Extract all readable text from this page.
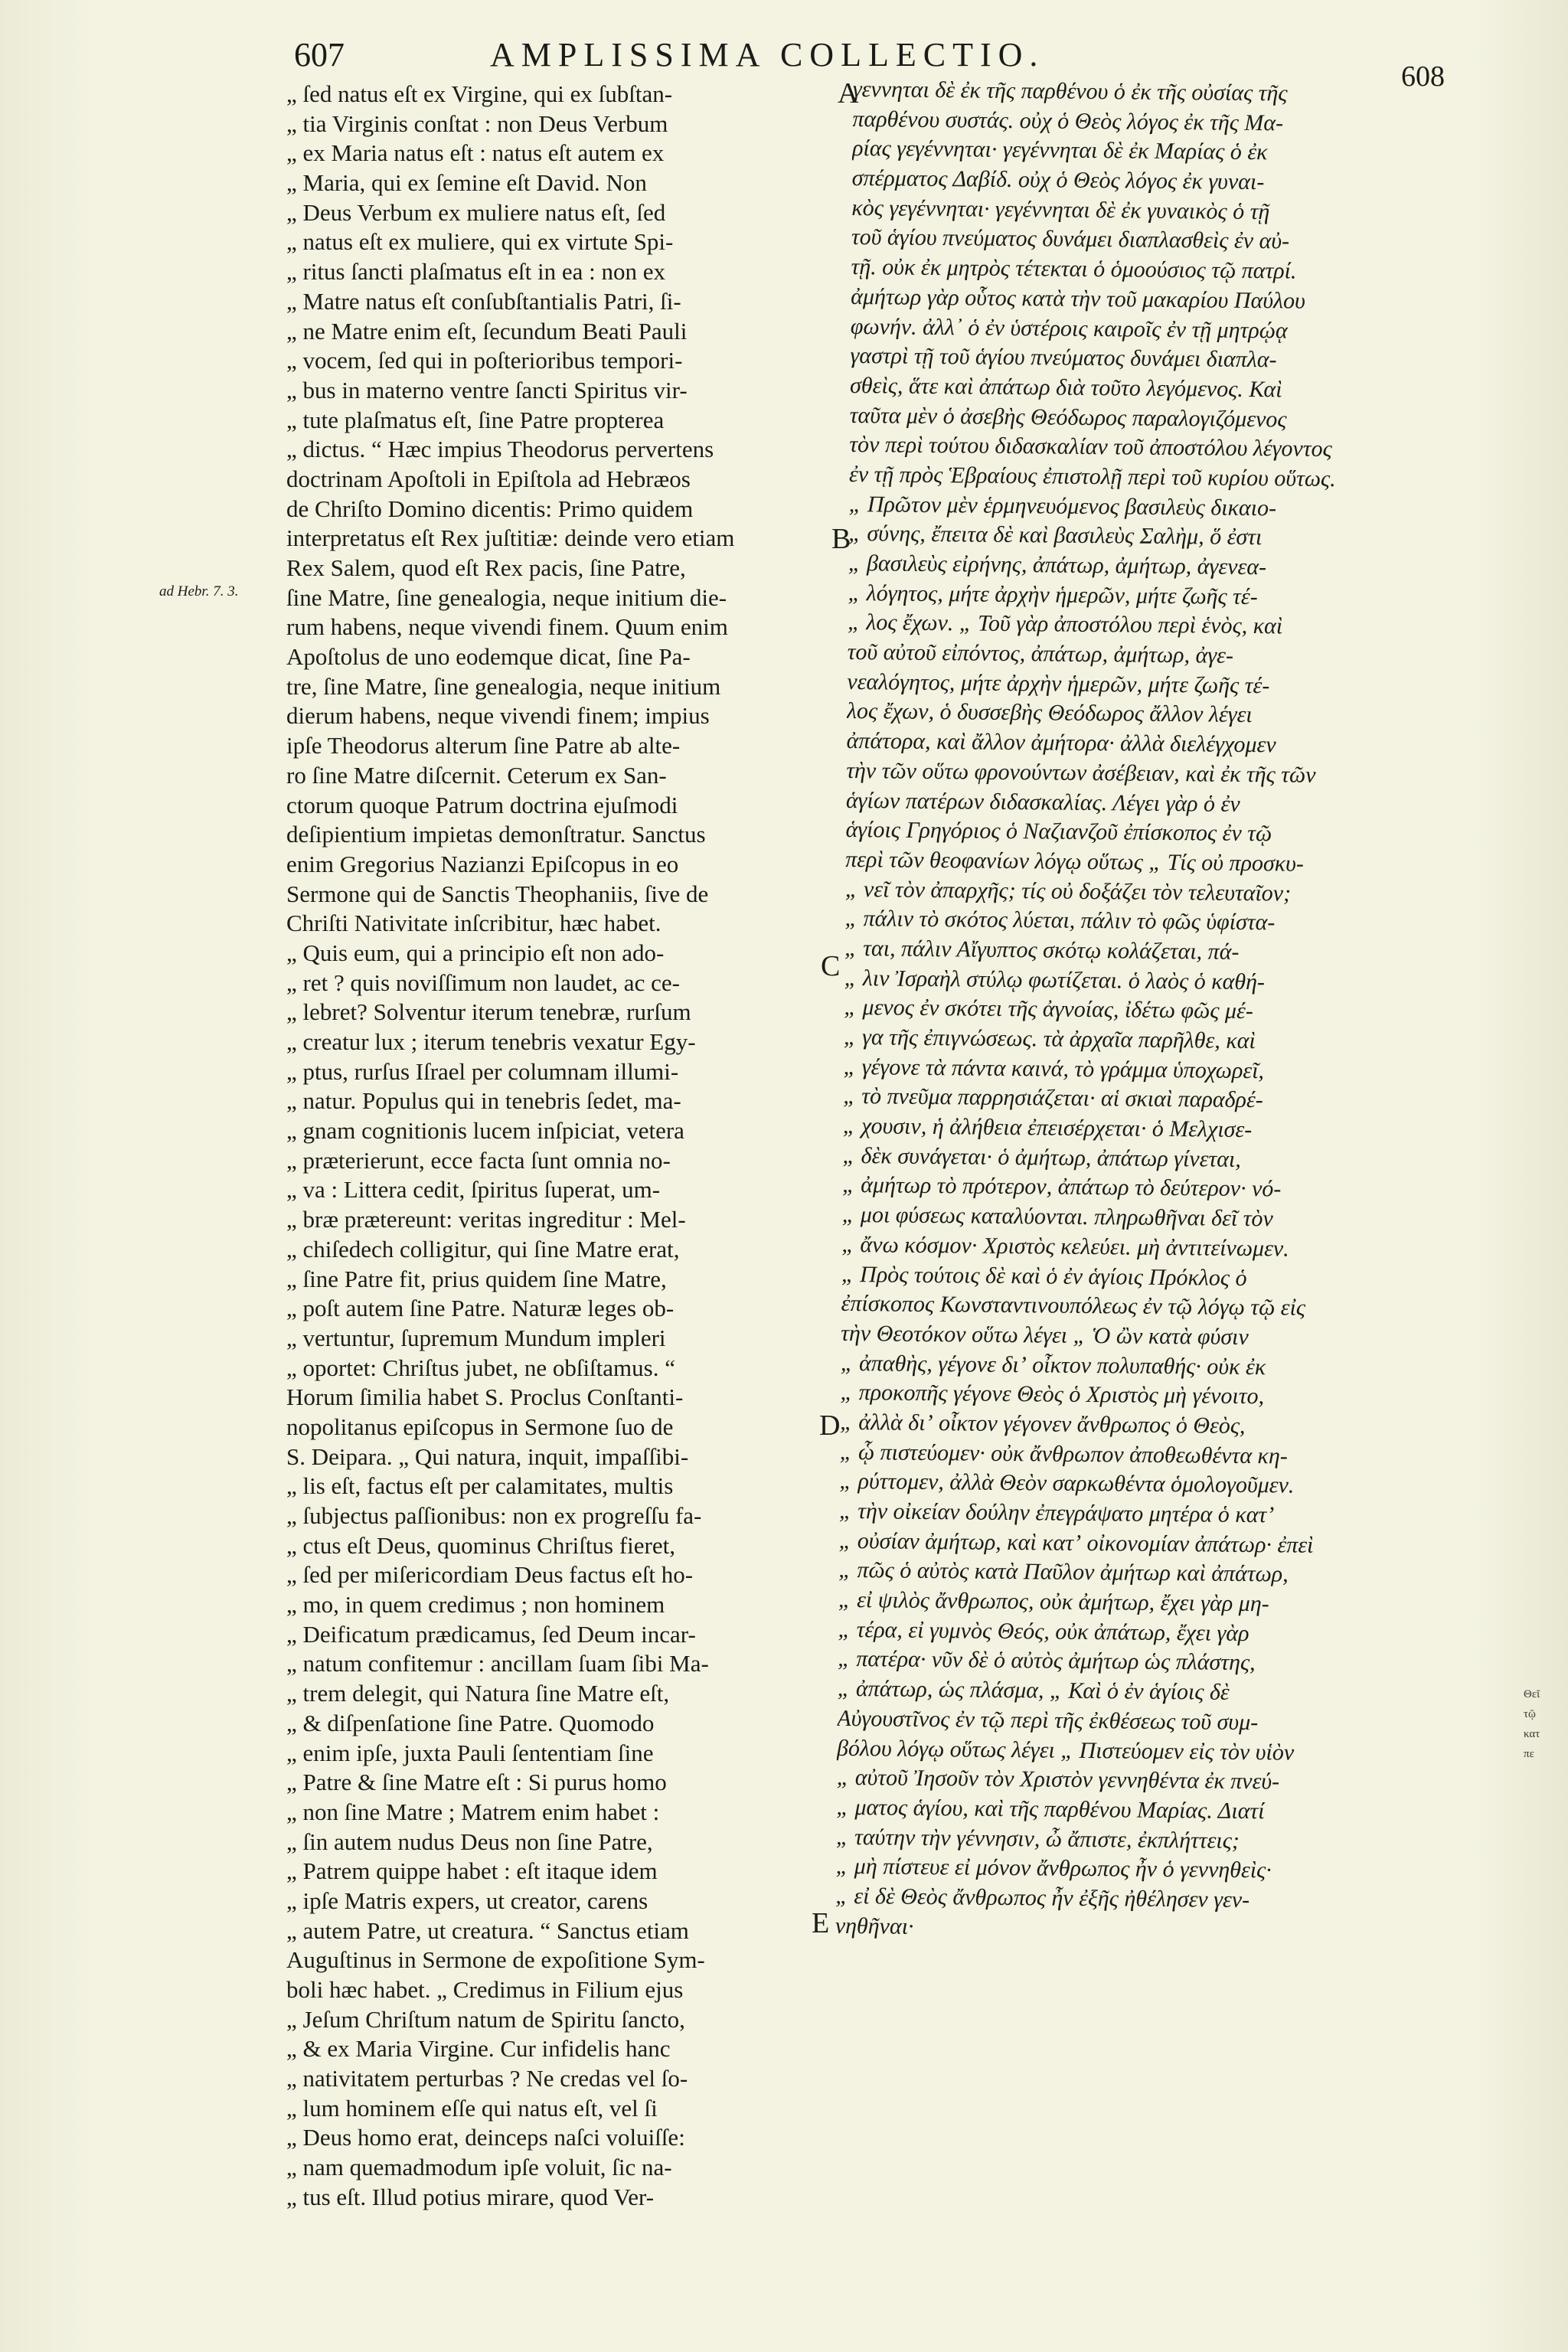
607	AMPLISSIMA COLLECTIO.
608
„ ſed natus eſt ex Virgine, qui ex ſubſtan-
„ tia Virginis conſtat : non Deus Verbum
„ ex Maria natus eſt : natus eſt autem ex
„ Maria, qui ex ſemine eſt David. Non
„ Deus Verbum ex muliere natus eſt, ſed
„ natus eſt ex muliere, qui ex virtute Spi-
„ ritus ſancti plaſmatus eſt in ea : non ex
„ Matre natus eſt conſubſtantialis Patri, ſi-
„ ne Matre enim eſt, ſecundum Beati Pauli
„ vocem, ſed qui in poſterioribus tempori-
„ bus in materno ventre ſancti Spiritus vir-
„ tute plaſmatus eſt, ſine Patre propterea
„ dictus. “ Hæc impius Theodorus pervertens
doctrinam Apoſtoli in Epiſtola ad Hebræos
de Chriſto Domino dicentis: Primo quidem
interpretatus eſt Rex juſtitiæ: deinde vero etiam
Rex Salem, quod eſt Rex pacis, ſine Patre,
ſine Matre, ſine genealogia, neque initium die-
rum habens, neque vivendi finem. Quum enim
Apoſtolus de uno eodemque dicat, ſine Pa-
tre, ſine Matre, ſine genealogia, neque initium
dierum habens, neque vivendi finem; impius
ipſe Theodorus alterum ſine Patre ab alte-
ro ſine Matre diſcernit. Ceterum ex San-
ctorum quoque Patrum doctrina ejuſmodi
deſipientium impietas demonſtratur. Sanctus
enim Gregorius Nazianzi Epiſcopus in eo
Sermone qui de Sanctis Theophaniis, ſive de
Chriſti Nativitate inſcribitur, hæc habet.
„ Quis eum, qui a principio eſt non ado-
„ ret ? quis noviſſimum non laudet, ac ce-
„ lebret? Solventur iterum tenebræ, rurſum
„ creatur lux ; iterum tenebris vexatur Egy-
„ ptus, rurſus Iſrael per columnam illumi-
„ natur. Populus qui in tenebris ſedet, ma-
„ gnam cognitionis lucem inſpiciat, vetera
„ præterierunt, ecce facta ſunt omnia no-
„ va : Littera cedit, ſpiritus ſuperat, um-
„ bræ prætereunt: veritas ingreditur : Mel-
„ chiſedech colligitur, qui ſine Matre erat,
„ ſine Patre fit, prius quidem ſine Matre,
„ poſt autem ſine Patre. Naturæ leges ob-
„ vertuntur, ſupremum Mundum impleri
„ oportet: Chriſtus jubet, ne obſiſtamus. “
Horum ſimilia habet S. Proclus Conſtanti-
nopolitanus epiſcopus in Sermone ſuo de
S. Deipara. „ Qui natura, inquit, impaſſibi-
„ lis eſt, factus eſt per calamitates, multis
„ ſubjectus paſſionibus: non ex progreſſu fa-
„ ctus eſt Deus, quominus Chriſtus fieret,
„ ſed per miſericordiam Deus factus eſt ho-
„ mo, in quem credimus ; non hominem
„ Deificatum prædicamus, ſed Deum incar-
„ natum confitemur : ancillam ſuam ſibi Ma-
„ trem delegit, qui Natura ſine Matre eſt,
„ & diſpenſatione ſine Patre. Quomodo
„ enim ipſe, juxta Pauli ſententiam ſine
„ Patre & ſine Matre eſt : Si purus homo
„ non ſine Matre ; Matrem enim habet :
„ ſin autem nudus Deus non ſine Patre,
„ Patrem quippe habet : eſt itaque idem
„ ipſe Matris expers, ut creator, carens
„ autem Patre, ut creatura. “ Sanctus etiam
Auguſtinus in Sermone de expoſitione Sym-
boli hæc habet. „ Credimus in Filium ejus
„ Jeſum Chriſtum natum de Spiritu ſancto,
„ & ex Maria Virgine. Cur infidelis hanc
„ nativitatem perturbas ? Ne credas vel ſo-
„ lum hominem eſſe qui natus eſt, vel ſi
„ Deus homo erat, deinceps naſci voluiſſe:
„ nam quemadmodum ipſe voluit, ſic na-
„ tus eſt. Illud potius mirare, quod Ver-
γεννηται δὲ ἐκ τῆς παρθένου ὁ ἐκ τῆς οὐσίας τῆς
παρθένου συστάς. οὐχ ὁ Θεὸς λόγος ἐκ τῆς Μα-
ρίας γεγέννηται· γεγέννηται δὲ ἐκ Μαρίας ὁ ἐκ
σπέρματος Δαβίδ. οὐχ ὁ Θεὸς λόγος ἐκ γυναι-
κὸς γεγέννηται· γεγέννηται δὲ ἐκ γυναικὸς ὁ τῇ
τοῦ ἁγίου πνεύματος δυνάμει διαπλασθεὶς ἐν αὐ-
τῇ. οὐκ ἐκ μητρὸς τέτεκται ὁ ὁμοούσιος τῷ πατρί.
ἀμήτωρ γὰρ οὗτος κατὰ τὴν τοῦ μακαρίου Παύλου
φωνήν. ἀλλ᾽ ὁ ἐν ὑστέροις καιροῖς ἐν τῇ μητρῴᾳ
γαστρὶ τῇ τοῦ ἁγίου πνεύματος δυνάμει διαπλα-
σθεὶς, ἅτε καὶ ἀπάτωρ διὰ τοῦτο λεγόμενος. Καὶ
ταῦτα μὲν ὁ ἀσεβὴς Θεόδωρος παραλογιζόμενος
τὸν περὶ τούτου διδασκαλίαν τοῦ ἀποστόλου λέγοντος
ἐν τῇ πρὸς Ἑβραίους ἐπιστολῇ περὶ τοῦ κυρίου οὕτως.
„ Πρῶτον μὲν ἑρμηνευόμενος βασιλεὺς δικαιο-
„ σύνης, ἔπειτα δὲ καὶ βασιλεὺς Σαλὴμ, ὅ ἐστι
„ βασιλεὺς εἰρήνης, ἀπάτωρ, ἀμήτωρ, ἀγενεα-
„ λόγητος, μήτε ἀρχὴν ἡμερῶν, μήτε ζωῆς τέ-
„ λος ἔχων. „ Τοῦ γὰρ ἀποστόλου περὶ ἑνὸς, καὶ
τοῦ αὐτοῦ εἰπόντος, ἀπάτωρ, ἀμήτωρ, ἀγε-
νεαλόγητος, μήτε ἀρχὴν ἡμερῶν, μήτε ζωῆς τέ-
λος ἔχων, ὁ δυσσεβὴς Θεόδωρος ἄλλον λέγει
ἀπάτορα, καὶ ἄλλον ἀμήτορα· ἀλλὰ διελέγχομεν
τὴν τῶν οὕτω φρονούντων ἀσέβειαν, καὶ ἐκ τῆς τῶν
ἁγίων πατέρων διδασκαλίας. Λέγει γὰρ ὁ ἐν
ἁγίοις Γρηγόριος ὁ Ναζιανζοῦ ἐπίσκοπος ἐν τῷ
περὶ τῶν θεοφανίων λόγῳ οὕτως „ Τίς οὐ προσκυ-
„ νεῖ τὸν ἀπαρχῆς; τίς οὐ δοξάζει τὸν τελευταῖον;
„ πάλιν τὸ σκότος λύεται, πάλιν τὸ φῶς ὑφίστα-
„ ται, πάλιν Αἴγυπτος σκότῳ κολάζεται, πά-
„ λιν Ἰσραὴλ στύλῳ φωτίζεται. ὁ λαὸς ὁ καθή-
„ μενος ἐν σκότει τῆς ἀγνοίας, ἰδέτω φῶς μέ-
„ γα τῆς ἐπιγνώσεως. τὰ ἀρχαῖα παρῆλθε, καὶ
„ γέγονε τὰ πάντα καινά, τὸ γράμμα ὑποχωρεῖ,
„ τὸ πνεῦμα παρρησιάζεται· αἱ σκιαὶ παραδρέ-
„ χουσιν, ἡ ἀλήθεια ἐπεισέρχεται· ὁ Μελχισε-
„ δὲκ συνάγεται· ὁ ἀμήτωρ, ἀπάτωρ γίνεται,
„ ἀμήτωρ τὸ πρότερον, ἀπάτωρ τὸ δεύτερον· νό-
„ μοι φύσεως καταλύονται. πληρωθῆναι δεῖ τὸν
„ ἄνω κόσμον· Χριστὸς κελεύει. μὴ ἀντιτείνωμεν.
„ Πρὸς τούτοις δὲ καὶ ὁ ἐν ἁγίοις Πρόκλος ὁ
ἐπίσκοπος Κωνσταντινουπόλεως ἐν τῷ λόγῳ τῷ εἰς
τὴν Θεοτόκον οὕτω λέγει „ Ὁ ὢν κατὰ φύσιν
„ ἀπαθὴς, γέγονε διʼ οἶκτον πολυπαθής· οὐκ ἐκ
„ προκοπῆς γέγονε Θεὸς ὁ Χριστὸς μὴ γένοιτο,
„ ἀλλὰ διʼ οἶκτον γέγονεν ἄνθρωπος ὁ Θεὸς,
„ ᾧ πιστεύομεν· οὐκ ἄνθρωπον ἀποθεωθέντα κη-
„ ρύττομεν, ἀλλὰ Θεὸν σαρκωθέντα ὁμολογοῦμεν.
„ τὴν οἰκείαν δούλην ἐπεγράψατο μητέρα ὁ κατʼ
„ οὐσίαν ἀμήτωρ, καὶ κατʼ οἰκονομίαν ἀπάτωρ· ἐπεὶ
„ πῶς ὁ αὐτὸς κατὰ Παῦλον ἀμήτωρ καὶ ἀπάτωρ,
„ εἰ ψιλὸς ἄνθρωπος, οὐκ ἀμήτωρ, ἔχει γὰρ μη-
„ τέρα, εἰ γυμνὸς Θεός, οὐκ ἀπάτωρ, ἔχει γὰρ
„ πατέρα· νῦν δὲ ὁ αὐτὸς ἀμήτωρ ὡς πλάστης,
„ ἀπάτωρ, ὡς πλάσμα, „ Καὶ ὁ ἐν ἁγίοις δὲ
Αὐγουστῖνος ἐν τῷ περὶ τῆς ἐκθέσεως τοῦ συμ-
βόλου λόγῳ οὕτως λέγει „ Πιστεύομεν εἰς τὸν υἱὸν
„ αὐτοῦ Ἰησοῦν τὸν Χριστὸν γεννηθέντα ἐκ πνεύ-
„ ματος ἁγίου, καὶ τῆς παρθένου Μαρίας. Διατί
„ ταύτην τὴν γέννησιν, ὦ ἄπιστε, ἐκπλήττεις;
„ μὴ πίστευε εἰ μόνον ἄνθρωπος ἦν ὁ γεννηθεὶς·
„ εἰ δὲ Θεὸς ἄνθρωπος ἦν ἐξῆς ἠθέλησεν γεν-
νηθῆναι·
A
B
C
D
E
ad Hebr. 7. 3.
Θεῖ
τῷ
κατ
πε
